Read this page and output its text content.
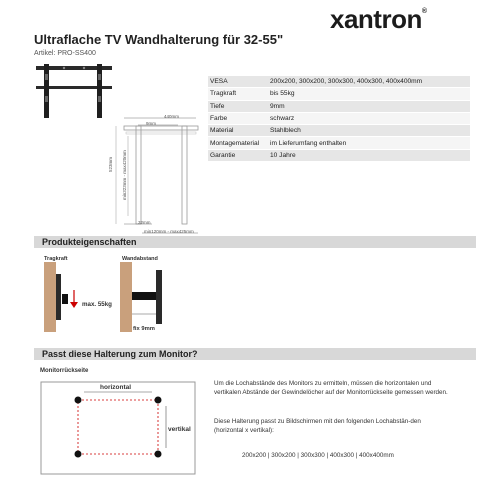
xantron®
Ultraflache TV Wandhalterung für 32-55"
Artikel: PRO-SS400
440mm
9mm
523mm min323mm - max420mm
32mm
min120mm - max425mm
VESA	200x200, 300x200, 300x300, 400x300, 400x400mm
Tragkraft	bis 55kg
Tiefe	9mm
Farbe	schwarz
Material	Stahlblech
Montagematerial	im Lieferumfang enthalten
Garantie	10 Jahre
Produkteigenschaften
Tragkraft
max. 55kg
Wandabstand
fix 9mm
Passt diese Halterung zum Monitor?
Monitorrückseite
horizontal
vertikal
Um die Lochabstände des Monitors zu ermitteln, müssen die horizontalen und vertikalen Abstände der Gewindelöcher auf der Monitorrückseite gemessen werden.
Diese Halterung passt zu Bildschirmen mit den folgenden Lochabstän-den (horizontal x vertikal):
200x200 | 300x200 | 300x300 | 400x300 | 400x400mm
